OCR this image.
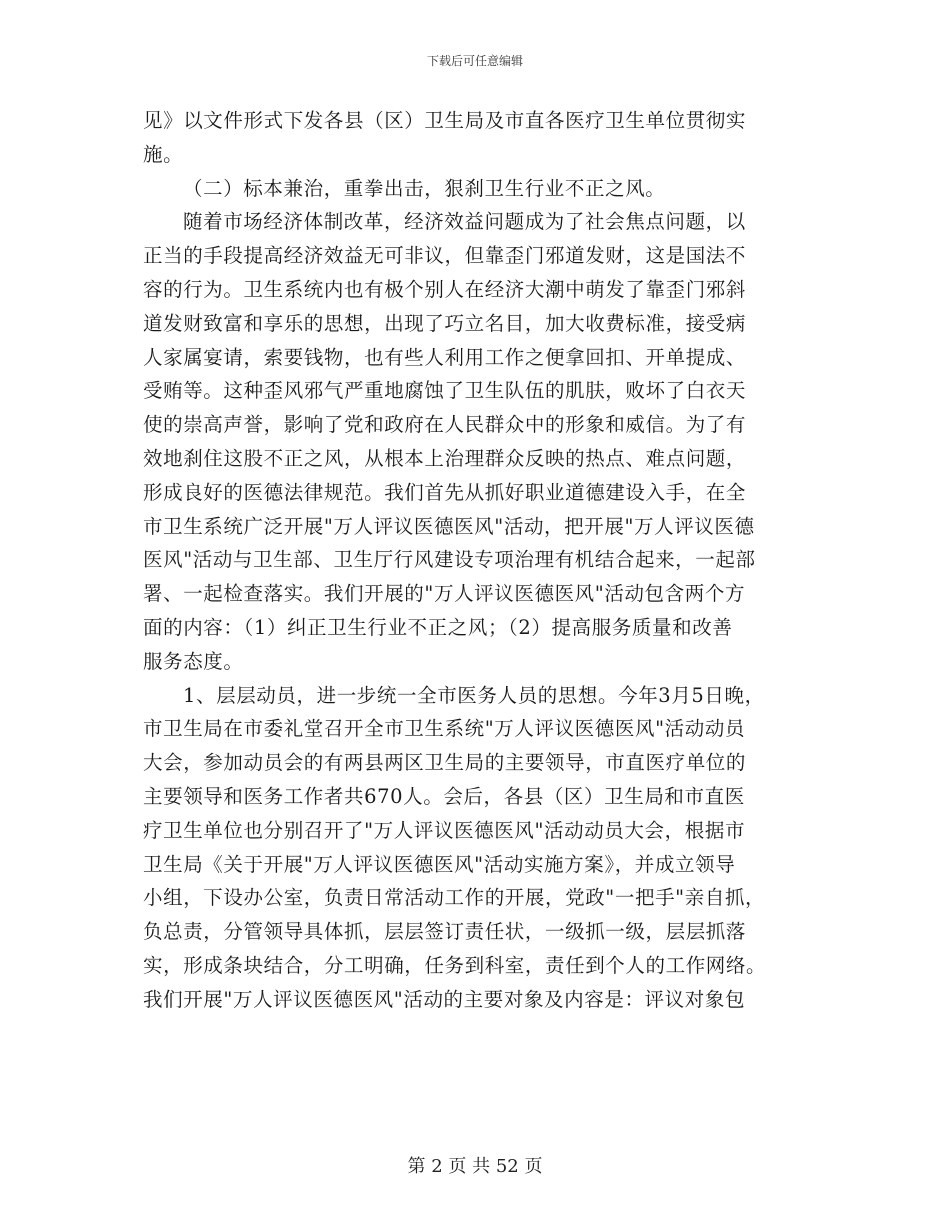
下载后可任意编辑
见》以文件形式下发各县（区）卫生局及市直各医疗卫生单位贯彻实
施。
（二）标本兼治，重拳出击，狠刹卫生行业不正之风。
随着市场经济体制改革，经济效益问题成为了社会焦点问题，以
正当的手段提高经济效益无可非议，但靠歪门邪道发财，这是国法不
容的行为。卫生系统内也有极个别人在经济大潮中萌发了靠歪门邪斜
道发财致富和享乐的思想，出现了巧立名目，加大收费标准，接受病
人家属宴请，索要钱物，也有些人利用工作之便拿回扣、开单提成、
受贿等。这种歪风邪气严重地腐蚀了卫生队伍的肌肤，败坏了白衣天
使的崇高声誉，影响了党和政府在人民群众中的形象和威信。为了有
效地刹住这股不正之风，从根本上治理群众反映的热点、难点问题，
形成良好的医德法律规范。我们首先从抓好职业道德建设入手，在全
市卫生系统广泛开展"万人评议医德医风"活动，把开展"万人评议医德
医风"活动与卫生部、卫生厅行风建设专项治理有机结合起来，一起部
署、一起检查落实。我们开展的"万人评议医德医风"活动包含两个方
面的内容：（1）纠正卫生行业不正之风；（2）提高服务质量和改善
服务态度。
1、层层动员，进一步统一全市医务人员的思想。今年3月5日晚，
市卫生局在市委礼堂召开全市卫生系统"万人评议医德医风"活动动员
大会，参加动员会的有两县两区卫生局的主要领导，市直医疗单位的
主要领导和医务工作者共670人。会后，各县（区）卫生局和市直医
疗卫生单位也分别召开了"万人评议医德医风"活动动员大会，根据市
卫生局《关于开展"万人评议医德医风"活动实施方案》，并成立领导
小组，下设办公室，负责日常活动工作的开展，党政"一把手"亲自抓，
负总责，分管领导具体抓，层层签订责任状，一级抓一级，层层抓落
实，形成条块结合，分工明确，任务到科室，责任到个人的工作网络。
我们开展"万人评议医德医风"活动的主要对象及内容是：评议对象包
第 2 页 共 52 页
